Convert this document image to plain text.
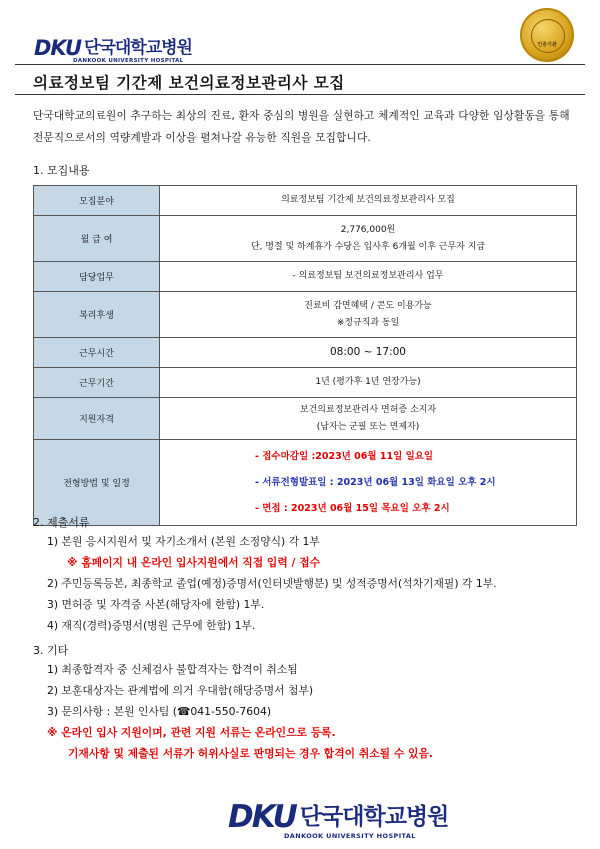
DKU 단국대학교병원
DANKOOK UNIVERSITY HOSPITAL
인증기관
의료정보팀 기간제 보건의료정보관리사 모집
단국대학교의료원이 추구하는 최상의 진료, 환자 중심의 병원을 실현하고 체계적인 교육과 다양한 임상활동을 통해 전문직으로서의 역량계발과 이상을 펼쳐나갈 유능한 직원을 모집합니다.
1. 모집내용
모집분야	의료정보팀 기간제 보건의료정보관리사 모집

월 급 여	2,776,000원
단, 명절 및 하계휴가 수당은 입사후 6개월 이후 근무자 지급

담당업무	- 의료정보팀 보건의료정보관리사 업무

복리후생	진료비 감면혜택 / 콘도 이용가능
※정규직과 동일

근무시간	08:00 ~ 17:00

근무기간	1년 (평가후 1년 연장가능)

지원자격	보건의료정보관리사 면허증 소지자
(남자는 군필 또는 면제자)

전형방법 및 일정	- 접수마감일 :2023년 06월 11일 일요일
- 서류전형발표일 : 2023년 06월 13일 화요일 오후 2시
- 면접 : 2023년 06월 15일 목요일 오후 2시
2. 제출서류
1) 본원 응시지원서 및 자기소개서 (본원 소정양식) 각 1부
※ 홈페이지 내 온라인 입사지원에서 직접 입력 / 접수
2) 주민등록등본, 최종학교 졸업(예정)증명서(인터넷발행분) 및 성적증명서(석차기재필) 각 1부.
3) 면허증 및 자격증 사본(해당자에 한함) 1부.
4) 재직(경력)증명서(병원 근무에 한함) 1부.
3. 기타
1) 최종합격자 중 신체검사 불합격자는 합격이 취소됨
2) 보훈대상자는 관계법에 의거 우대함(해당증명서 첨부)
3) 문의사항 : 본원 인사팀 (☎041-550-7604)
※ 온라인 입사 지원이며, 관련 지원 서류는 온라인으로 등록.
기재사항 및 제출된 서류가 허위사실로 판명되는 경우 합격이 취소될 수 있음.
DKU 단국대학교병원
DANKOOK UNIVERSITY HOSPITAL
